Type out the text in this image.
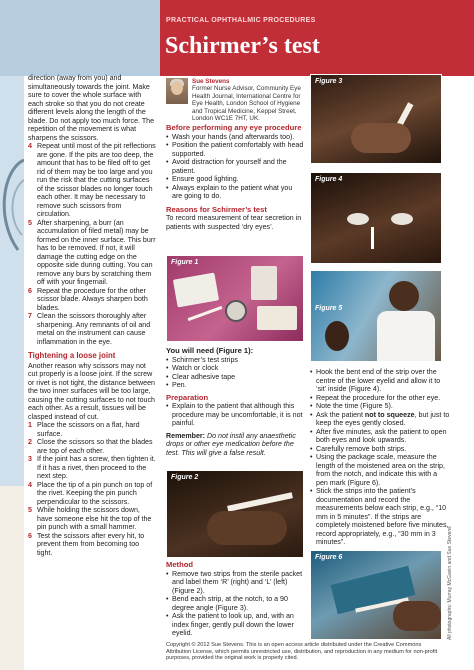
direction (away from you) and simultaneously towards the joint. Make sure to cover the whole surface with each stroke so that you do not create different levels along the length of the blade. Do not apply too much force. The repetition of the movement is what sharpens the scissors.
4 Repeat until most of the pit reflections are gone. If the pits are too deep, the amount that has to be filed off to get rid of them may be too large and you run the risk that the cutting surfaces of the scissor blades no longer touch each other. It may be necessary to remove such scissors from circulation.
5 After sharpening, a burr (an accumulation of filed metal) may be formed on the inner surface. This burr has to be removed. If not, it will damage the cutting edge on the opposite side during cutting. You can remove any burs by scratching them off with your fingernail.
6 Repeat the procedure for the other scissor blade. Always sharpen both blades.
7 Clean the scissors thoroughly after sharpening. Any remnants of oil and metal on the instrument can cause inflammation in the eye.
Tightening a loose joint
Another reason why scissors may not cut properly is a loose joint. If the screw or rivet is not tight, the distance between the two inner surfaces will be too large, causing the cutting surfaces to not touch each other. As a result, tissues will be clasped instead of cut.
1 Place the scissors on a flat, hard surface.
2 Close the scissors so that the blades are top of each other.
3 If the joint has a screw, then tighten it. If it has a rivet, then proceed to the next step.
4 Place the tip of a pin punch on top of the rivet. Keeping the pin punch perpendicular to the scissors.
5 While holding the scissors down, have someone else hit the top of the pin punch with a small hammer.
6 Test the scissors after every hit, to prevent them from becoming too tight.
PRACTICAL OPHTHALMIC PROCEDURES
Schirmer’s test
Sue Stevens
Former Nurse Advisor, Community Eye Health Journal, International Centre for Eye Health, London School of Hygiene and Tropical Medicine, Keppel Street, London WC1E 7HT, UK.
Before performing any eye procedure
• Wash your hands (and afterwards too).
• Position the patient comfortably with head supported.
• Avoid distraction for yourself and the patient.
• Ensure good lighting.
• Always explain to the patient what you are going to do.
Reasons for Schirmer’s test
To record measurement of tear secretion in patients with suspected ‘dry eyes’.
Figure 1
You will need (Figure 1):
• Schirmer’s test strips
• Watch or clock
• Clear adhesive tape
• Pen.
Preparation
• Explain to the patient that although this procedure may be uncomfortable, it is not painful.
Remember: Do not instil any anaesthetic drops or other eye medication before the test. This will give a false result.
Figure 2
Method
• Remove two strips from the sterile packet and label them ‘R’ (right) and ‘L’ (left) (Figure 2).
• Bend each strip, at the notch, to a 90 degree angle (Figure 3).
• Ask the patient to look up, and, with an index finger, gently pull down the lower eyelid.
Figure 3
Figure 4
Figure 5
• Hook the bent end of the strip over the centre of the lower eyelid and allow it to ‘sit’ inside (Figure 4).
• Repeat the procedure for the other eye.
• Note the time (Figure 5).
• Ask the patient not to squeeze, but just to keep the eyes gently closed.
• After five minutes, ask the patient to open both eyes and look upwards.
• Carefully remove both strips.
• Using the package scale, measure the length of the moistened area on the strip, from the notch, and indicate this with a pen mark (Figure 6).
• Stick the strips into the patient’s documentation and record the measurements below each strip, e.g., “10 mm in 5 minutes”. If the strips are completely moistened before five minutes, record appropriately, e.g., “30 mm in 3 minutes”.
Figure 6	All photographs: Murray McGavin and Sue Stevens
Copyright © 2012 Sue Stevens. This is an open access article distributed under the Creative Commons Attribution License, which permits unrestricted use, distribution, and reproduction in any medium for non-profit purposes, provided the original work is properly cited.
